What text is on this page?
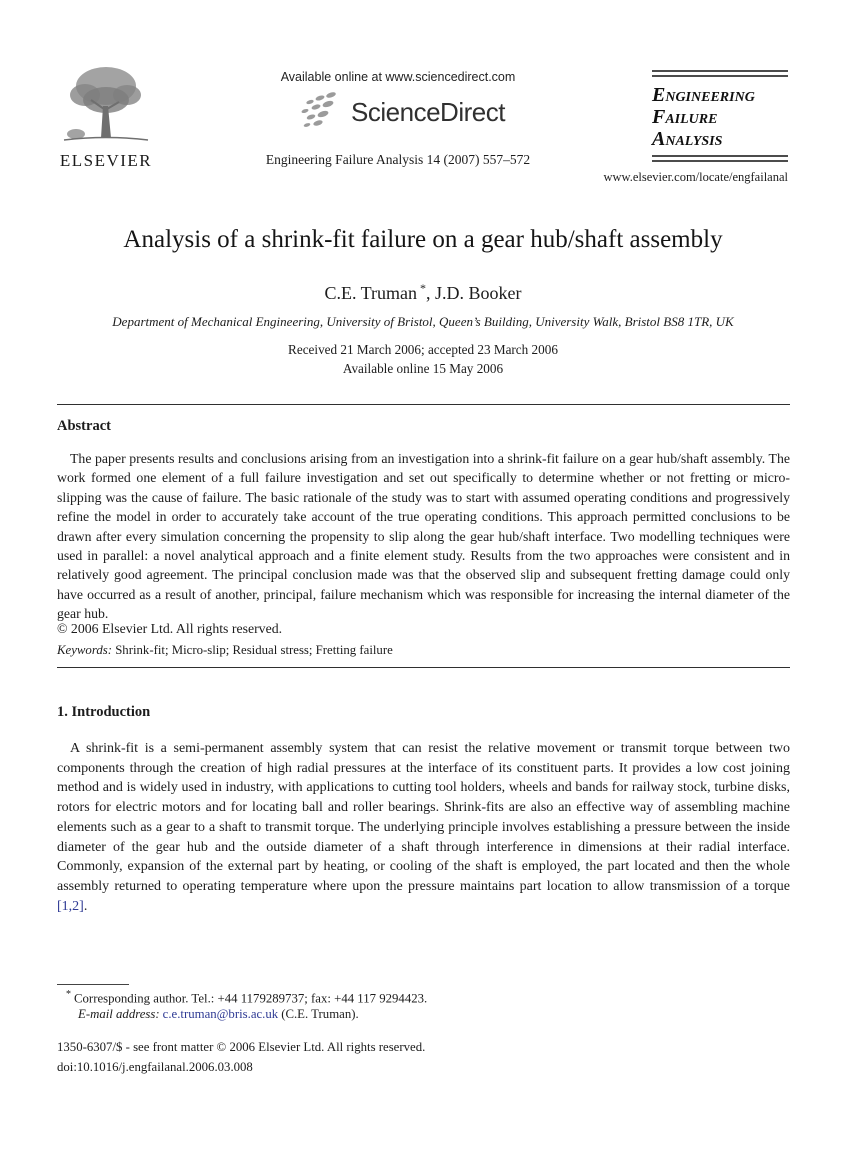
ELSEVIER
Available online at www.sciencedirect.com
ScienceDirect
Engineering Failure Analysis 14 (2007) 557–572
Engineering
Failure
Analysis
www.elsevier.com/locate/engfailanal
Analysis of a shrink-fit failure on a gear hub/shaft assembly
C.E. Truman *, J.D. Booker
Department of Mechanical Engineering, University of Bristol, Queen’s Building, University Walk, Bristol BS8 1TR, UK
Received 21 March 2006; accepted 23 March 2006
Available online 15 May 2006
Abstract
The paper presents results and conclusions arising from an investigation into a shrink-fit failure on a gear hub/shaft assembly. The work formed one element of a full failure investigation and set out specifically to determine whether or not fretting or micro-slipping was the cause of failure. The basic rationale of the study was to start with assumed operating conditions and progressively refine the model in order to accurately take account of the true operating conditions. This approach permitted conclusions to be drawn after every simulation concerning the propensity to slip along the gear hub/shaft interface. Two modelling techniques were used in parallel: a novel analytical approach and a finite element study. Results from the two approaches were consistent and in relatively good agreement. The principal conclusion made was that the observed slip and subsequent fretting damage could only have occurred as a result of another, principal, failure mechanism which was responsible for increasing the internal diameter of the gear hub.
© 2006 Elsevier Ltd. All rights reserved.
Keywords: Shrink-fit; Micro-slip; Residual stress; Fretting failure
1. Introduction
A shrink-fit is a semi-permanent assembly system that can resist the relative movement or transmit torque between two components through the creation of high radial pressures at the interface of its constituent parts. It provides a low cost joining method and is widely used in industry, with applications to cutting tool holders, wheels and bands for railway stock, turbine disks, rotors for electric motors and for locating ball and roller bearings. Shrink-fits are also an effective way of assembling machine elements such as a gear to a shaft to transmit torque. The underlying principle involves establishing a pressure between the inside diameter of the gear hub and the outside diameter of a shaft through interference in dimensions at their radial interface. Commonly, expansion of the external part by heating, or cooling of the shaft is employed, the part located and then the whole assembly returned to operating temperature where upon the pressure maintains part location to allow transmission of a torque [1,2].
* Corresponding author. Tel.: +44 1179289737; fax: +44 117 9294423.
E-mail address: c.e.truman@bris.ac.uk (C.E. Truman).
1350-6307/$ - see front matter © 2006 Elsevier Ltd. All rights reserved.
doi:10.1016/j.engfailanal.2006.03.008
